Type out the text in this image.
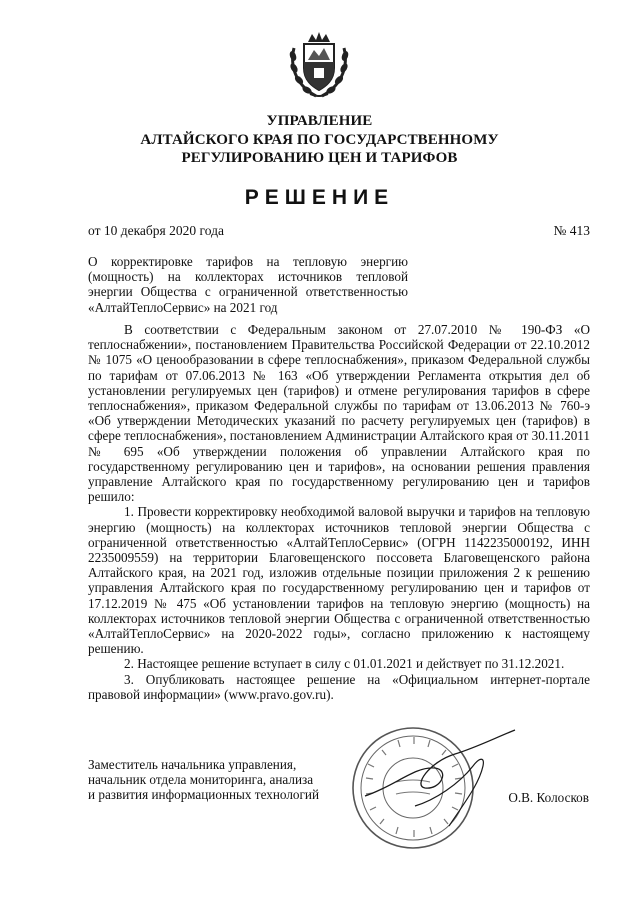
УПРАВЛЕНИЕ
АЛТАЙСКОГО КРАЯ ПО ГОСУДАРСТВЕННОМУ
РЕГУЛИРОВАНИЮ ЦЕН И ТАРИФОВ
РЕШЕНИЕ
от 10 декабря 2020 года	№ 413
О корректировке тарифов на тепловую энергию (мощность) на коллекторах источников тепловой энергии Общества с ограниченной ответственностью «АлтайТеплоСервис» на 2021 год

В соответствии с Федеральным законом от 27.07.2010 № 190-ФЗ «О теплоснабжении», постановлением Правительства Российской Федерации от 22.10.2012 № 1075 «О ценообразовании в сфере теплоснабжения», приказом Федеральной службы по тарифам от 07.06.2013 № 163 «Об утверждении Регламента открытия дел об установлении регулируемых цен (тарифов) и отмене регулирования тарифов в сфере теплоснабжения», приказом Федеральной службы по тарифам от 13.06.2013 № 760-э «Об утверждении Методических указаний по расчету регулируемых цен (тарифов) в сфере теплоснабжения», постановлением Администрации Алтайского края от 30.11.2011 № 695 «Об утверждении положения об управлении Алтайского края по государственному регулированию цен и тарифов», на основании решения правления управление Алтайского края по государственному регулированию цен и тарифов решило:

1. Провести корректировку необходимой валовой выручки и тарифов на тепловую энергию (мощность) на коллекторах источников тепловой энергии Общества с ограниченной ответственностью «АлтайТеплоСервис» (ОГРН 1142235000192, ИНН 2235009559) на территории Благовещенского поссовета Благовещенского района Алтайского края, на 2021 год, изложив отдельные позиции приложения 2 к решению управления Алтайского края по государственному регулированию цен и тарифов от 17.12.2019 № 475 «Об установлении тарифов на тепловую энергию (мощность) на коллекторах источников тепловой энергии Общества с ограниченной ответственностью «АлтайТеплоСервис» на 2020-2022 годы», согласно приложению к настоящему решению.

2. Настоящее решение вступает в силу с 01.01.2021 и действует по 31.12.2021.

3. Опубликовать настоящее решение на «Официальном интернет-портале правовой информации» (www.pravo.gov.ru).

Заместитель начальника управления,
начальник отдела мониторинга, анализа
и развития информационных технологий	О.В. Колосков
